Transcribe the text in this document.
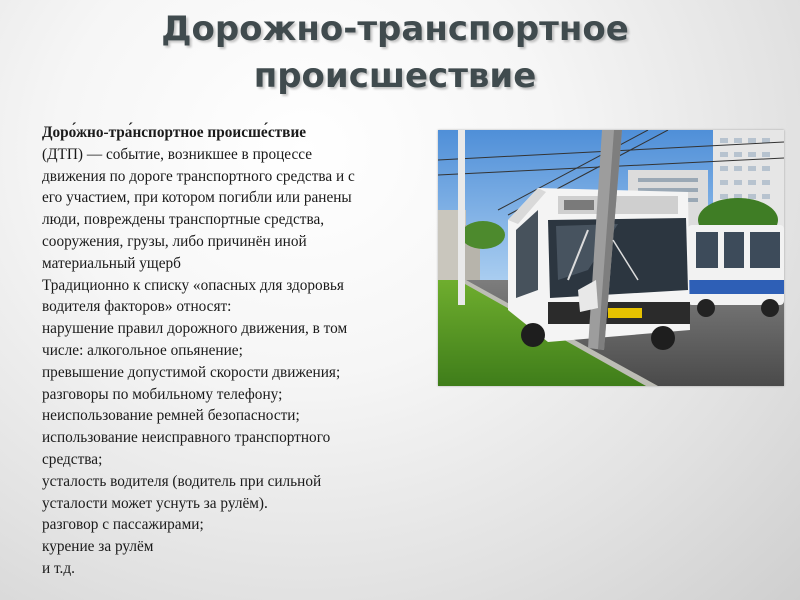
Дорожно-транспортное
происшествие
Доро́жно-тра́нспортное происше́ствие
(ДТП) — событие, возникшее в процессе
движения по дороге транспортного средства и с
его участием, при котором погибли или ранены
люди, повреждены транспортные средства,
сооружения, грузы, либо причинён иной
материальный ущерб
Традиционно к списку «опасных для здоровья
водителя факторов» относят:
нарушение правил дорожного движения, в том
числе: алкогольное опьянение;
превышение допустимой скорости движения;
разговоры по мобильному телефону;
неиспользование ремней безопасности;
использование неисправного транспортного
средства;
усталость водителя (водитель при сильной
усталости может уснуть за рулём).
разговор с пассажирами;
курение за рулём
и т.д.
